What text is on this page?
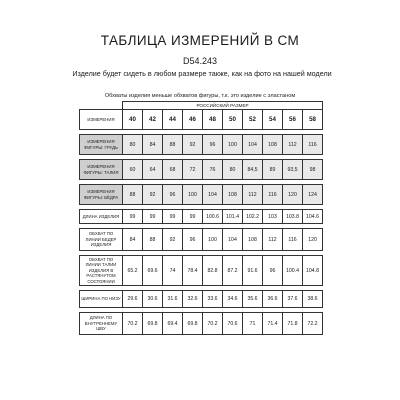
ТАБЛИЦА ИЗМЕРЕНИЙ В СМ
D54.243
Изделие будет сидеть в любом размере также, как на фото на нашей модели
Обхваты изделия меньше обхватов фигуры, т.к. это изделие с эластаном
	РОССИЙСКИЙ РАЗМЕР									
ИЗМЕРЕНИЯ	40	42	44	46	48	50	52	54	56	58

ИЗМЕРЕНИЯ ФИГУРЫ: ГРУДЬ	80	84	88	92	96	100	104	108	112	116

ИЗМЕРЕНИЯ ФИГУРЫ: ТАЛИЯ	60	64	68	72	76	80	84,5	89	93,5	98

ИЗМЕРЕНИЯ ФИГУРЫ: БЁДРА	88	92	96	100	104	108	112	116	120	124

ДЛИНА ИЗДЕЛИЯ	99	99	99	99	100.6	101.4	102.2	103	103.8	104.6

ОБХВАТ ПО ЛИНИИ БЕДЕР ИЗДЕЛИЯ	84	88	92	96	100	104	108	112	116	120

ОБХВАТ ПО ЛИНИИ ТАЛИИ ИЗДЕЛИЯ В РАСТЯНУТОМ СОСТОЯНИИ	65.2	69.6	74	78.4	82.8	87.2	91.6	96	100.4	104.8

ШИРИНА ПО НИЗУ	29.6	30.6	31.6	32.6	33.6	34.6	35.6	36.6	37.6	38.6

ДЛИНА ПО ВНУТРЕННЕМУ ШВУ	70.2	69.8	69.4	69.8	70.2	70.6	71	71.4	71.8	72.2
